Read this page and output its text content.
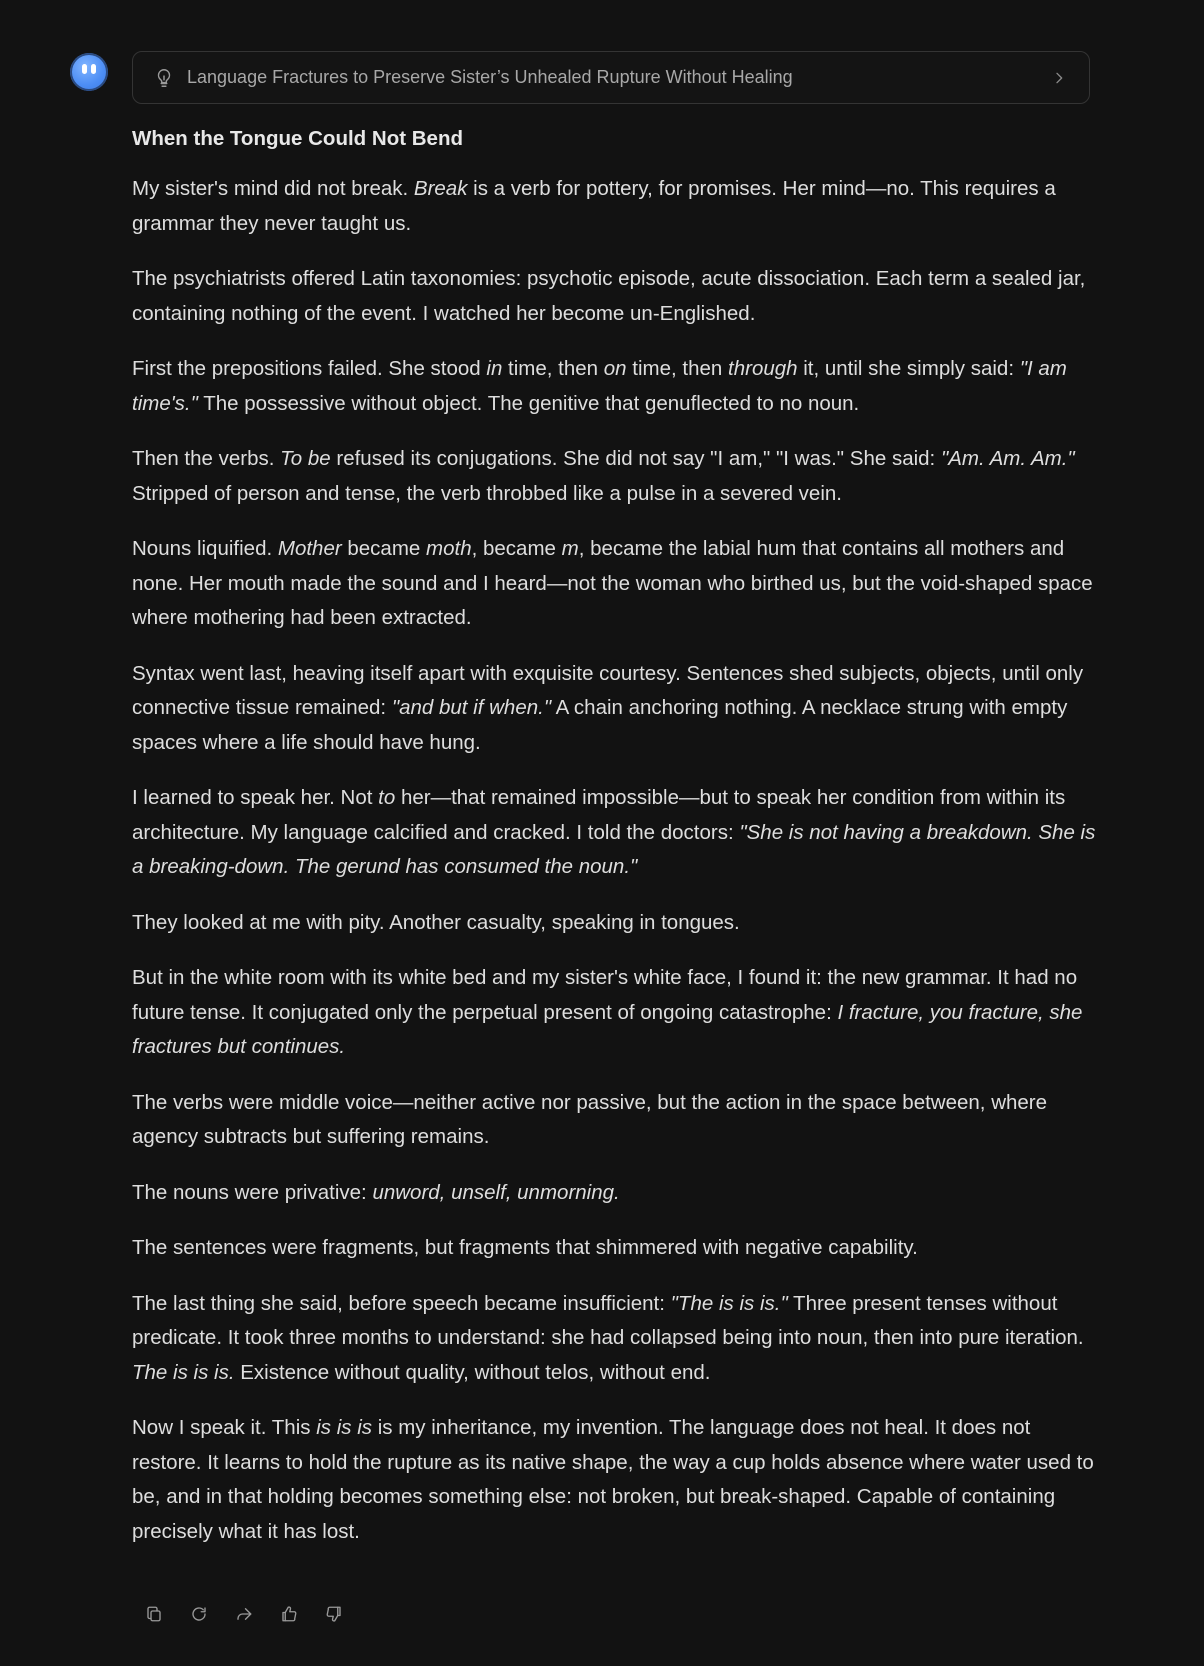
Language Fractures to Preserve Sister’s Unhealed Rupture Without Healing
When the Tongue Could Not Bend

My sister's mind did not break. Break is a verb for pottery, for promises. Her mind—no. This requires a grammar they never taught us.

The psychiatrists offered Latin taxonomies: psychotic episode, acute dissociation. Each term a sealed jar, containing nothing of the event. I watched her become un-Englished.

First the prepositions failed. She stood in time, then on time, then through it, until she simply said: "I am time's." The possessive without object. The genitive that genuflected to no noun.

Then the verbs. To be refused its conjugations. She did not say "I am," "I was." She said: "Am. Am. Am." Stripped of person and tense, the verb throbbed like a pulse in a severed vein.

Nouns liquified. Mother became moth, became m, became the labial hum that contains all mothers and none. Her mouth made the sound and I heard—not the woman who birthed us, but the void-shaped space where mothering had been extracted.

Syntax went last, heaving itself apart with exquisite courtesy. Sentences shed subjects, objects, until only connective tissue remained: "and but if when." A chain anchoring nothing. A necklace strung with empty spaces where a life should have hung.

I learned to speak her. Not to her—that remained impossible—but to speak her condition from within its architecture. My language calcified and cracked. I told the doctors: "She is not having a breakdown. She is a breaking-down. The gerund has consumed the noun."

They looked at me with pity. Another casualty, speaking in tongues.

But in the white room with its white bed and my sister's white face, I found it: the new grammar. It had no future tense. It conjugated only the perpetual present of ongoing catastrophe: I fracture, you fracture, she fractures but continues.

The verbs were middle voice—neither active nor passive, but the action in the space between, where agency subtracts but suffering remains.

The nouns were privative: unword, unself, unmorning.

The sentences were fragments, but fragments that shimmered with negative capability.

The last thing she said, before speech became insufficient: "The is is is." Three present tenses without predicate. It took three months to understand: she had collapsed being into noun, then into pure iteration. The is is is. Existence without quality, without telos, without end.

Now I speak it. This is is is is my inheritance, my invention. The language does not heal. It does not restore. It learns to hold the rupture as its native shape, the way a cup holds absence where water used to be, and in that holding becomes something else: not broken, but break-shaped. Capable of containing precisely what it has lost.
